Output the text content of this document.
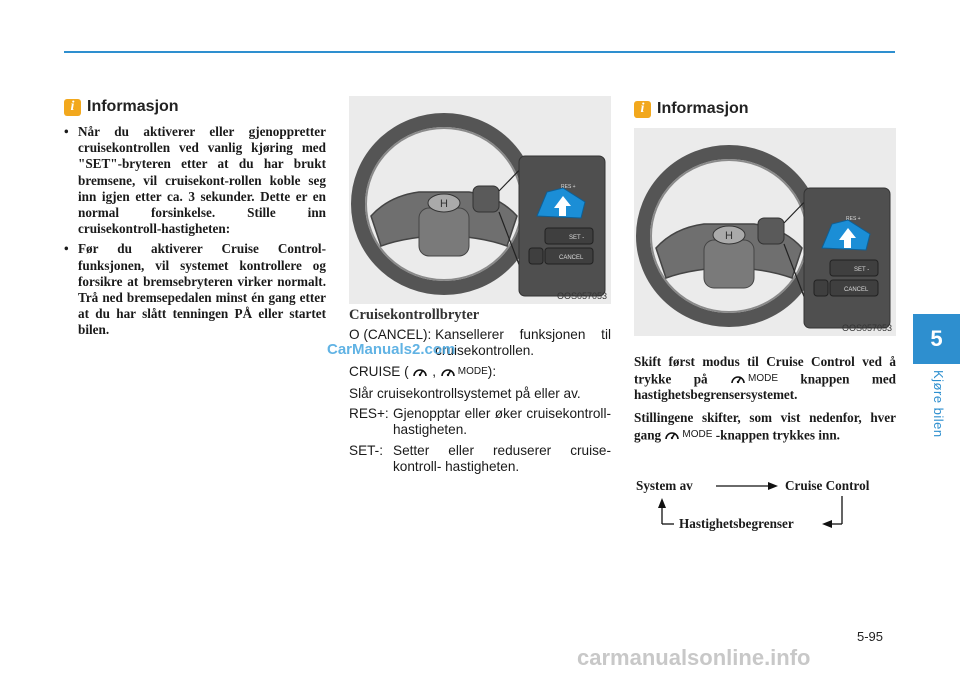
i Informasjon
• Når du aktiverer eller gjenoppretter cruisekontrollen ved vanlig kjøring med "SET"-bryteren etter at du har brukt bremsene, vil cruisekont-rollen koble seg inn igjen etter ca. 3 sekunder. Dette er en normal forsinkelse. Stille inn cruisekontroll-hastigheten:
• Før du aktiverer Cruise Control-funksjonen, vil systemet kontrollere og forsikre at bremsebryteren virker normalt. Trå ned bremsepedalen minst én gang etter at du har slått tenningen PÅ eller startet bilen.
H
RES +
SET -
CANCEL
OOS057053
Cruisekontrollbryter
O (CANCEL):
Kansellerer funksjonen til cruisekontrollen.
CRUISE ( , MODE ):
Slår cruisekontrollsystemet på eller av.
RES+: Gjenopptar eller øker cruisekontroll- hastigheten.
SET-: Setter eller reduserer cruise-kontroll- hastigheten.
i Informasjon
H
RES +
SET -
CANCEL
OOS057053
Skift først modus til Cruise Control ved å trykke på	MODE knappen med hastighetsbegrensersystemet.
Stillingene skifter, som vist nedenfor, hver gang MODE -knappen trykkes inn.
System av	Cruise Control
Hastighetsbegrenser
5
Kjøre bilen
5-95
CarManuals2.com
carmanualsonline.info
